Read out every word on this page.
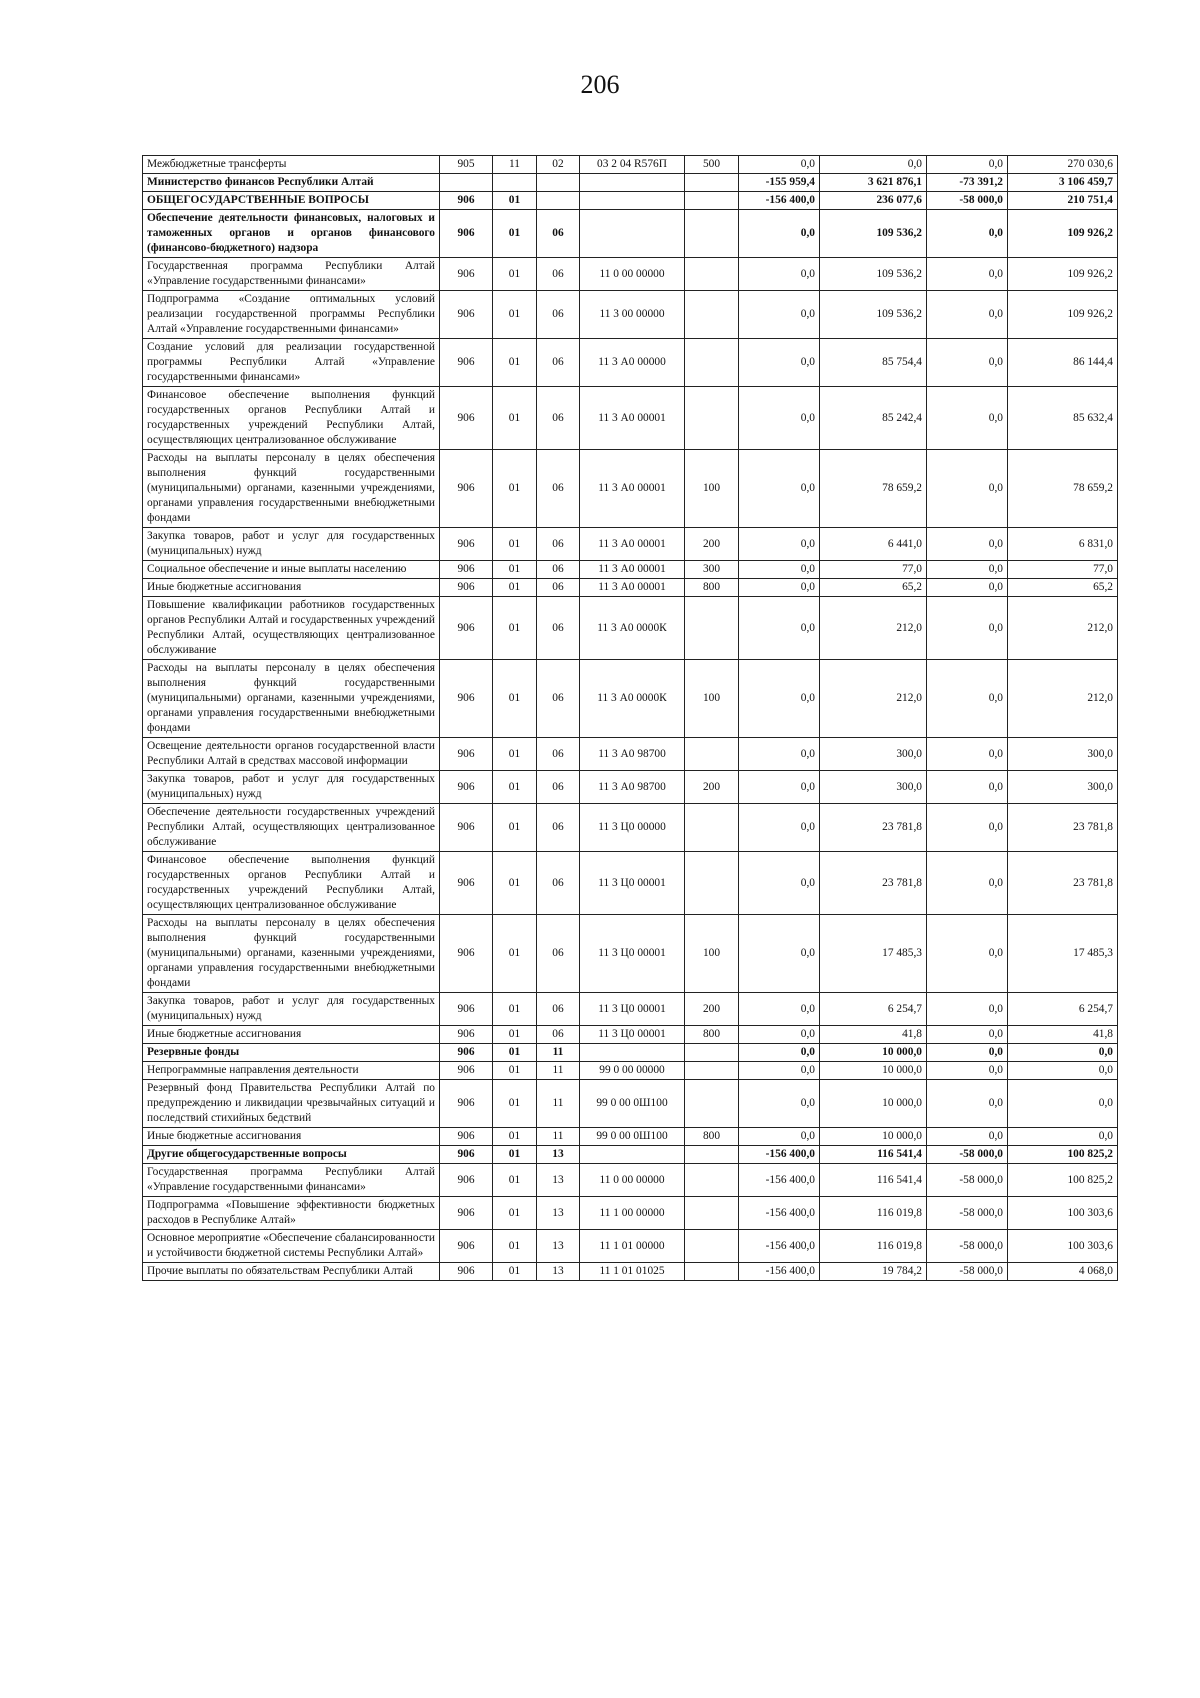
206
Межбюджетные трансферты	905	11	02	03 2 04 R576П	500	0,0	0,0	0,0	270 030,6
Министерство финансов Республики Алтай						-155 959,4	3 621 876,1	-73 391,2	3 106 459,7
ОБЩЕГОСУДАРСТВЕННЫЕ ВОПРОСЫ	906	01				-156 400,0	236 077,6	-58 000,0	210 751,4
Обеспечение деятельности финансовых, налоговых и таможенных органов и органов финансового (финансово-бюджетного) надзора	906	01	06			0,0	109 536,2	0,0	109 926,2
Государственная программа Республики Алтай «Управление государственными финансами»	906	01	06	11 0 00 00000		0,0	109 536,2	0,0	109 926,2
Подпрограмма «Создание оптимальных условий реализации государственной программы Республики Алтай «Управление государственными финансами»	906	01	06	11 3 00 00000		0,0	109 536,2	0,0	109 926,2
Создание условий для реализации государственной программы Республики Алтай «Управление государственными финансами»	906	01	06	11 3 А0 00000		0,0	85 754,4	0,0	86 144,4
Финансовое обеспечение выполнения функций государственных органов Республики Алтай и государственных учреждений Республики Алтай, осуществляющих централизованное обслуживание	906	01	06	11 3 А0 00001		0,0	85 242,4	0,0	85 632,4
Расходы на выплаты персоналу в целях обеспечения выполнения функций государственными (муниципальными) органами, казенными учреждениями, органами управления государственными внебюджетными фондами	906	01	06	11 3 А0 00001	100	0,0	78 659,2	0,0	78 659,2
Закупка товаров, работ и услуг для государственных (муниципальных) нужд	906	01	06	11 3 А0 00001	200	0,0	6 441,0	0,0	6 831,0
Социальное обеспечение и иные выплаты населению	906	01	06	11 3 А0 00001	300	0,0	77,0	0,0	77,0
Иные бюджетные ассигнования	906	01	06	11 3 А0 00001	800	0,0	65,2	0,0	65,2
Повышение квалификации работников государственных органов Республики Алтай и государственных учреждений Республики Алтай, осуществляющих централизованное обслуживание	906	01	06	11 3 А0 0000К		0,0	212,0	0,0	212,0
Расходы на выплаты персоналу в целях обеспечения выполнения функций государственными (муниципальными) органами, казенными учреждениями, органами управления государственными внебюджетными фондами	906	01	06	11 3 А0 0000К	100	0,0	212,0	0,0	212,0
Освещение деятельности органов государственной власти Республики Алтай в средствах массовой информации	906	01	06	11 3 А0 98700		0,0	300,0	0,0	300,0
Закупка товаров, работ и услуг для государственных (муниципальных) нужд	906	01	06	11 3 А0 98700	200	0,0	300,0	0,0	300,0
Обеспечение деятельности государственных учреждений Республики Алтай, осуществляющих централизованное обслуживание	906	01	06	11 3 Ц0 00000		0,0	23 781,8	0,0	23 781,8
Финансовое обеспечение выполнения функций государственных органов Республики Алтай и государственных учреждений Республики Алтай, осуществляющих централизованное обслуживание	906	01	06	11 3 Ц0 00001		0,0	23 781,8	0,0	23 781,8
Расходы на выплаты персоналу в целях обеспечения выполнения функций государственными (муниципальными) органами, казенными учреждениями, органами управления государственными внебюджетными фондами	906	01	06	11 3 Ц0 00001	100	0,0	17 485,3	0,0	17 485,3
Закупка товаров, работ и услуг для государственных (муниципальных) нужд	906	01	06	11 3 Ц0 00001	200	0,0	6 254,7	0,0	6 254,7
Иные бюджетные ассигнования	906	01	06	11 3 Ц0 00001	800	0,0	41,8	0,0	41,8
Резервные фонды	906	01	11			0,0	10 000,0	0,0	0,0
Непрограммные направления деятельности	906	01	11	99 0 00 00000		0,0	10 000,0	0,0	0,0
Резервный фонд Правительства Республики Алтай по предупреждению и ликвидации чрезвычайных ситуаций и последствий стихийных бедствий	906	01	11	99 0 00 0Ш100		0,0	10 000,0	0,0	0,0
Иные бюджетные ассигнования	906	01	11	99 0 00 0Ш100	800	0,0	10 000,0	0,0	0,0
Другие общегосударственные вопросы	906	01	13			-156 400,0	116 541,4	-58 000,0	100 825,2
Государственная программа Республики Алтай «Управление государственными финансами»	906	01	13	11 0 00 00000		-156 400,0	116 541,4	-58 000,0	100 825,2
Подпрограмма «Повышение эффективности бюджетных расходов в Республике Алтай»	906	01	13	11 1 00 00000		-156 400,0	116 019,8	-58 000,0	100 303,6
Основное мероприятие «Обеспечение сбалансированности и устойчивости бюджетной системы Республики Алтай»	906	01	13	11 1 01 00000		-156 400,0	116 019,8	-58 000,0	100 303,6
Прочие выплаты по обязательствам Республики Алтай	906	01	13	11 1 01 01025		-156 400,0	19 784,2	-58 000,0	4 068,0
